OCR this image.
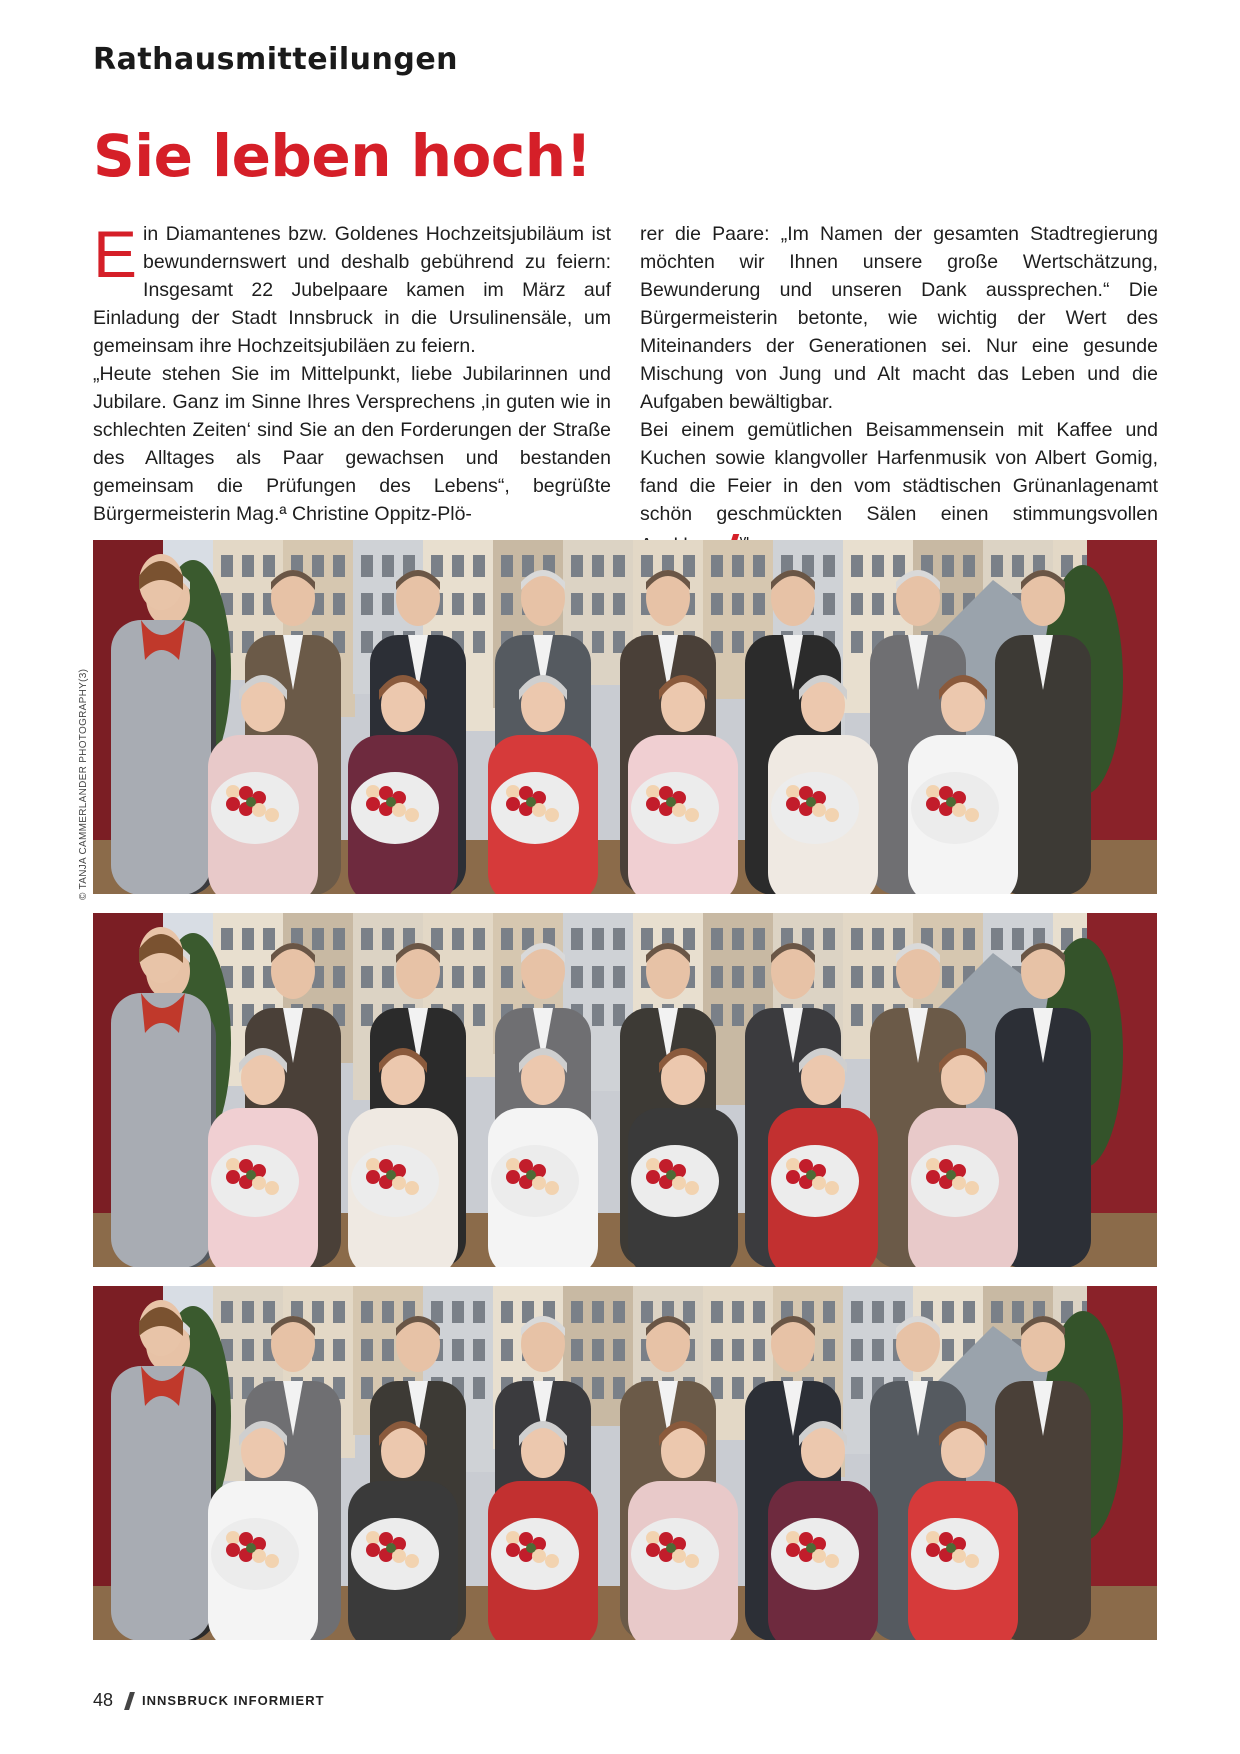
Rathausmitteilungen
Sie leben hoch!

Ein Diamantenes bzw. Goldenes Hochzeitsjubiläum ist bewundernswert und deshalb gebührend zu feiern: Insgesamt 22 Jubelpaare kamen im März auf Einladung der Stadt Innsbruck in die Ursulinensäle, um gemeinsam ihre Hochzeitsjubiläen zu feiern.

„Heute stehen Sie im Mittelpunkt, liebe Jubilarinnen und Jubilare. Ganz im Sinne Ihres Versprechens ‚in guten wie in schlechten Zeiten‘ sind Sie an den Forderungen der Straße des Alltages als Paar gewachsen und bestanden gemeinsam die Prüfungen des Lebens“, begrüßte Bürgermeisterin Mag.ª Christine Oppitz-Plö-

rer die Paare: „Im Namen der gesamten Stadtregierung möchten wir Ihnen unsere große Wertschätzung, Bewunderung und unseren Dank aussprechen.“ Die Bürgermeisterin betonte, wie wichtig der Wert des Miteinanders der Generationen sei. Nur eine gesunde Mischung von Jung und Alt macht das Leben und die Aufgaben bewältigbar.

Bei einem gemütlichen Beisammensein mit Kaffee und Kuchen sowie klangvoller Harfenmusik von Albert Gomig, fand die Feier in den vom städtischen Grünanlagenamt schön geschmückten Sälen einen stimmungsvollen

© TANJA CAMMERLANDER PHOTOGRAPHY(3)
48 INNSBRUCK INFORMIERT
